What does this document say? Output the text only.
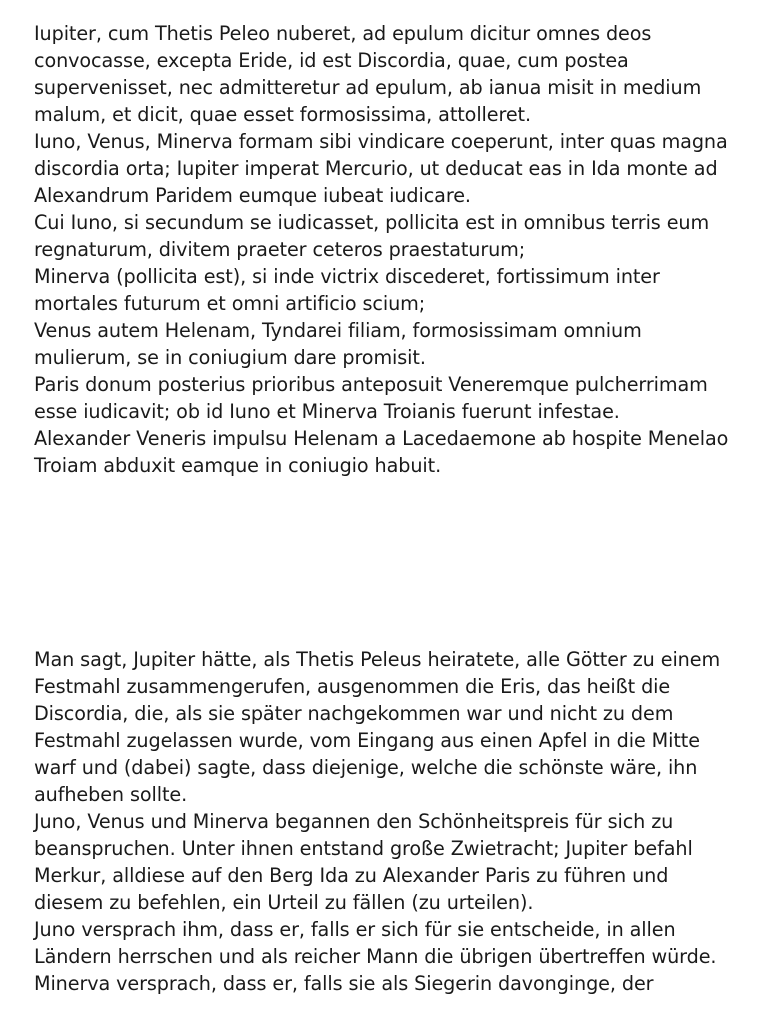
Iupiter, cum Thetis Peleo nuberet, ad epulum dicitur omnes deos
convocasse, excepta Eride, id est Discordia, quae, cum postea
supervenisset, nec admitteretur ad epulum, ab ianua misit in medium
malum, et dicit, quae esset formosissima, attolleret.
Iuno, Venus, Minerva formam sibi vindicare coeperunt, inter quas magna
discordia orta; Iupiter imperat Mercurio, ut deducat eas in Ida monte ad
Alexandrum Paridem eumque iubeat iudicare.
Cui Iuno, si secundum se iudicasset, pollicita est in omnibus terris eum
regnaturum, divitem praeter ceteros praestaturum;
Minerva (pollicita est), si inde victrix discederet, fortissimum inter
mortales futurum et omni artificio scium;
Venus autem Helenam, Tyndarei filiam, formosissimam omnium
mulierum, se in coniugium dare promisit.
Paris donum posterius prioribus anteposuit Veneremque pulcherrimam
esse iudicavit; ob id Iuno et Minerva Troianis fuerunt infestae.
Alexander Veneris impulsu Helenam a Lacedaemone ab hospite Menelao
Troiam abduxit eamque in coniugio habuit.
Man sagt, Jupiter hätte, als Thetis Peleus heiratete, alle Götter zu einem
Festmahl zusammengerufen, ausgenommen die Eris, das heißt die
Discordia, die, als sie später nachgekommen war und nicht zu dem
Festmahl zugelassen wurde, vom Eingang aus einen Apfel in die Mitte
warf und (dabei) sagte, dass diejenige, welche die schönste wäre, ihn
aufheben sollte.
Juno, Venus und Minerva begannen den Schönheitspreis für sich zu
beanspruchen. Unter ihnen entstand große Zwietracht; Jupiter befahl
Merkur, alldiese auf den Berg Ida zu Alexander Paris zu führen und
diesem zu befehlen, ein Urteil zu fällen (zu urteilen).
Juno versprach ihm, dass er, falls er sich für sie entscheide, in allen
Ländern herrschen und als reicher Mann die übrigen übertreffen würde.
Minerva versprach, dass er, falls sie als Siegerin davonginge, der
